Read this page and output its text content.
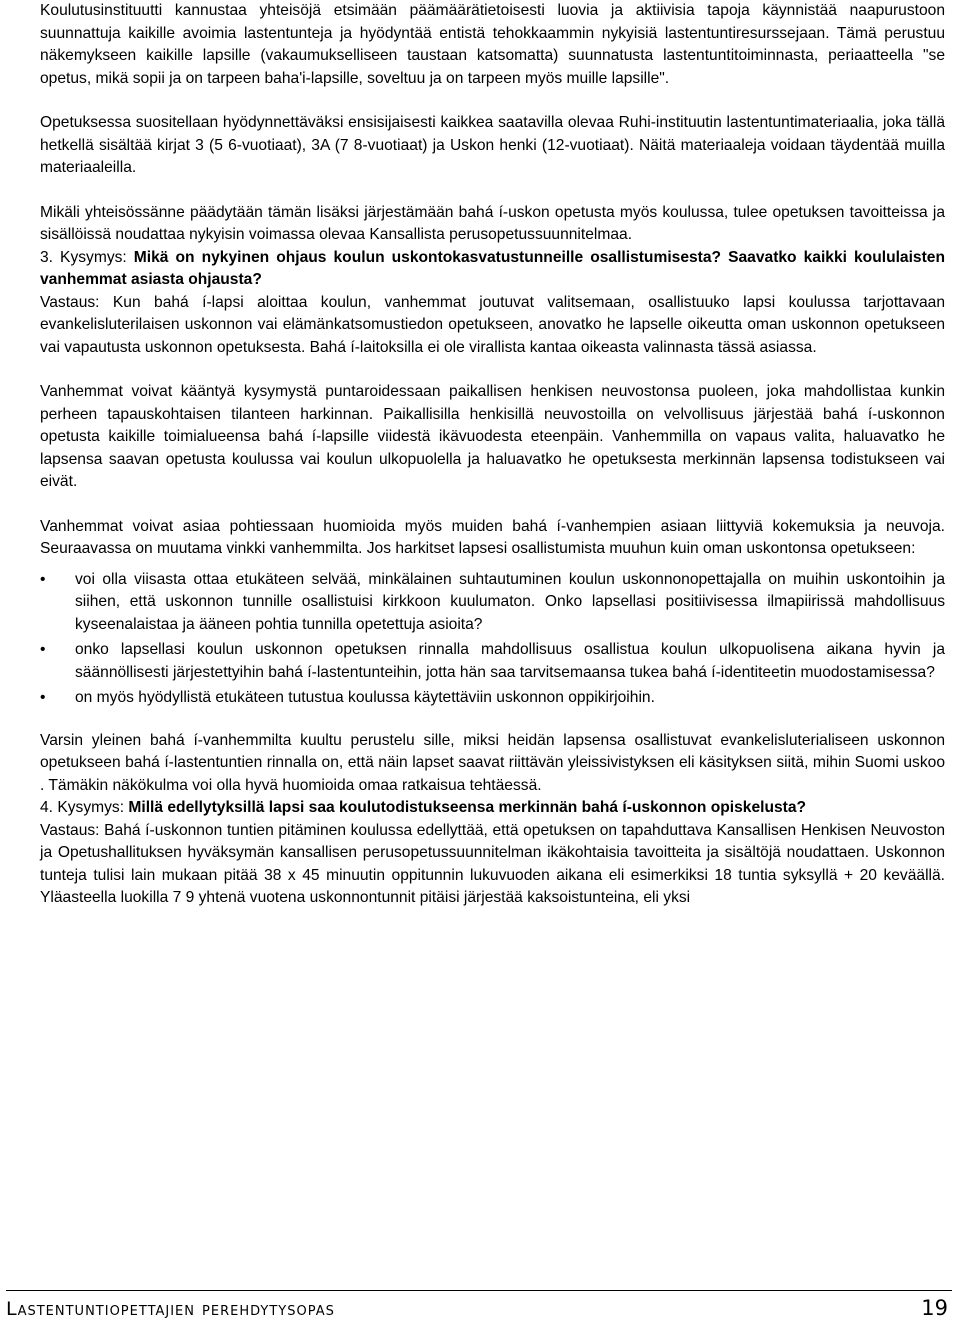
Koulutusinstituutti kannustaa yhteisöjä etsimään päämäärätietoisesti luovia ja aktiivisia tapoja käynnistää naapurustoon suunnattuja kaikille avoimia lastentunteja ja hyödyntää entistä tehokkaammin nykyisiä lastentuntiresurssejaan. Tämä perustuu näkemykseen kaikille lapsille (vakaumukselliseen taustaan katsomatta) suunnatusta lastentuntitoiminnasta, periaatteella "se opetus, mikä sopii ja on tarpeen baha'i-lapsille, soveltuu ja on tarpeen myös muille lapsille".

Opetuksessa suositellaan hyödynnettäväksi ensisijaisesti kaikkea saatavilla olevaa Ruhi-instituutin lastentuntimateriaalia, joka tällä hetkellä sisältää kirjat 3 (5 6-vuotiaat), 3A (7 8-vuotiaat) ja Uskon henki (12-vuotiaat). Näitä materiaaleja voidaan täydentää muilla materiaaleilla.

Mikäli yhteisössänne päädytään tämän lisäksi järjestämään bahá í-uskon opetusta myös koulussa, tulee opetuksen tavoitteissa ja sisällöissä noudattaa nykyisin voimassa olevaa Kansallista perusopetussuunnitelmaa.

3. Kysymys: Mikä on nykyinen ohjaus koulun uskontokasvatustunneille osallistumisesta? Saavatko kaikki koululaisten vanhemmat asiasta ohjausta?

Vastaus: Kun bahá í-lapsi aloittaa koulun, vanhemmat joutuvat valitsemaan, osallistuuko lapsi koulussa tarjottavaan evankelisluterilaisen uskonnon vai elämänkatsomustiedon opetukseen, anovatko he lapselle oikeutta oman uskonnon opetukseen vai vapautusta uskonnon opetuksesta. Bahá í-laitoksilla ei ole virallista kantaa oikeasta valinnasta tässä asiassa.

Vanhemmat voivat kääntyä kysymystä puntaroidessaan paikallisen henkisen neuvostonsa puoleen, joka mahdollistaa kunkin perheen tapauskohtaisen tilanteen harkinnan. Paikallisilla henkisillä neuvostoilla on velvollisuus järjestää bahá í-uskonnon opetusta kaikille toimialueensa bahá í-lapsille viidestä ikävuodesta eteenpäin. Vanhemmilla on vapaus valita, haluavatko he lapsensa saavan opetusta koulussa vai koulun ulkopuolella ja haluavatko he opetuksesta merkinnän lapsensa todistukseen vai eivät.

Vanhemmat voivat asiaa pohtiessaan huomioida myös muiden bahá í-vanhempien asiaan liittyviä kokemuksia ja neuvoja. Seuraavassa on muutama vinkki vanhemmilta. Jos harkitset lapsesi osallistumista muuhun kuin oman uskontonsa opetukseen:

• voi olla viisasta ottaa etukäteen selvää, minkälainen suhtautuminen koulun uskonnonopettajalla on muihin uskontoihin ja siihen, että uskonnon tunnille osallistuisi kirkkoon kuulumaton. Onko lapsellasi positiivisessa ilmapiirissä mahdollisuus kyseenalaistaa ja ääneen pohtia tunnilla opetettuja asioita?
• onko lapsellasi koulun uskonnon opetuksen rinnalla mahdollisuus osallistua koulun ulkopuolisena aikana hyvin ja säännöllisesti järjestettyihin bahá í-lastentunteihin, jotta hän saa tarvitsemaansa tukea bahá í-identiteetin muodostamisessa?
• on myös hyödyllistä etukäteen tutustua koulussa käytettäviin uskonnon oppikirjoihin.

Varsin yleinen bahá í-vanhemmilta kuultu perustelu sille, miksi heidän lapsensa osallistuvat evankelisluterialiseen uskonnon opetukseen bahá í-lastentuntien rinnalla on, että näin lapset saavat riittävän yleissivistyksen eli käsityksen siitä, mihin Suomi uskoo . Tämäkin näkökulma voi olla hyvä huomioida omaa ratkaisua tehtäessä.

4. Kysymys: Millä edellytyksillä lapsi saa koulutodistukseensa merkinnän bahá í-uskonnon opiskelusta?

Vastaus: Bahá í-uskonnon tuntien pitäminen koulussa edellyttää, että opetuksen on tapahduttava Kansallisen Henkisen Neuvoston ja Opetushallituksen hyväksymän kansallisen perusopetussuunnitelman ikäkohtaisia tavoitteita ja sisältöjä noudattaen. Uskonnon tunteja tulisi lain mukaan pitää 38 x 45 minuutin oppitunnin lukuvuoden aikana eli esimerkiksi 18 tuntia syksyllä + 20 keväällä. Yläasteella luokilla 7 9 yhtenä vuotena uskonnontunnit pitäisi järjestää kaksoistunteina, eli yksi

Lastentuntiopettajien perehdytysopas	19
